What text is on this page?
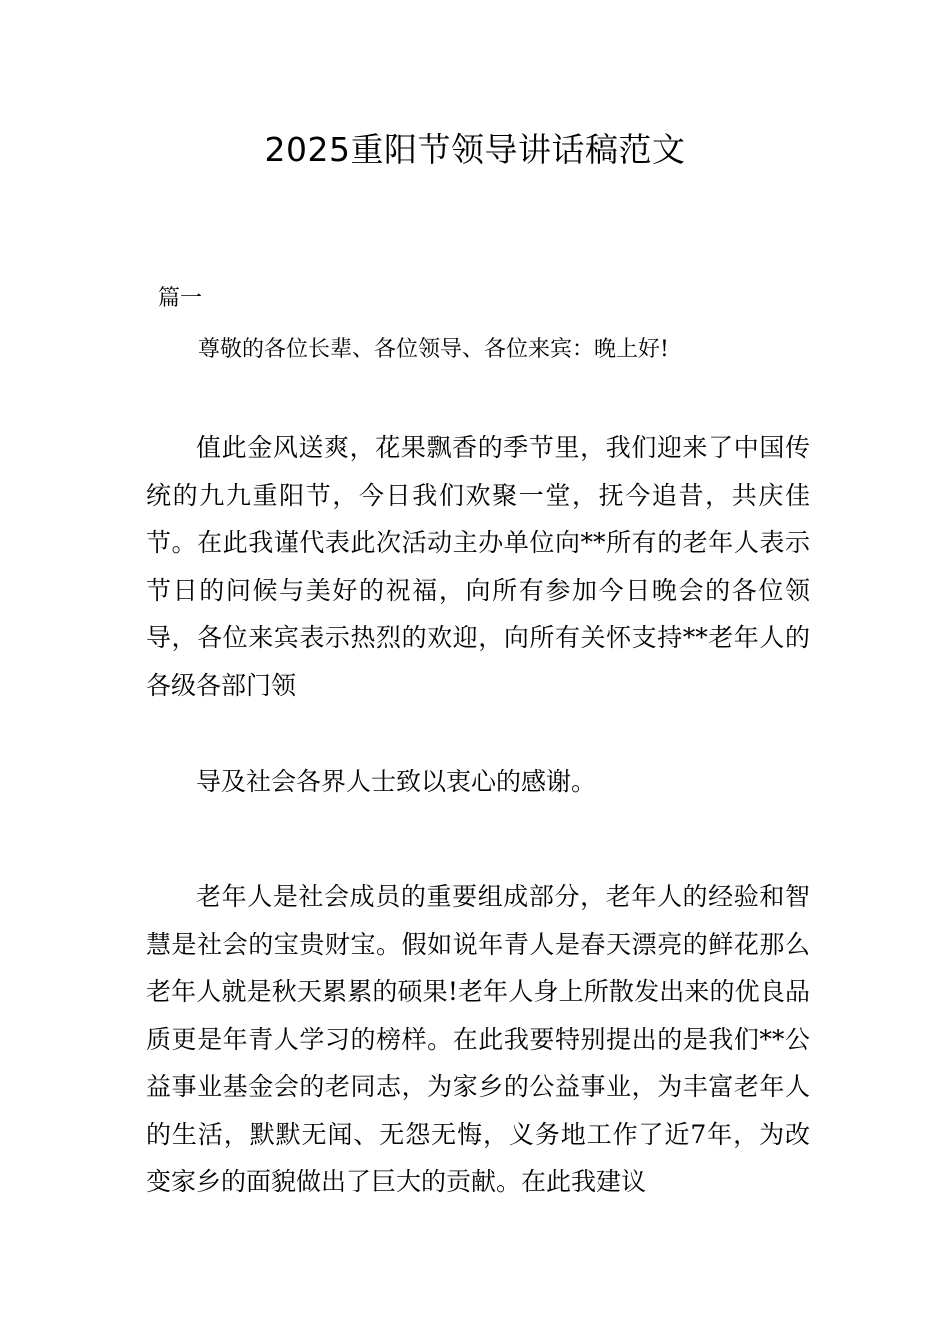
2025重阳节领导讲话稿范文

篇一

尊敬的各位长辈、各位领导、各位来宾：晚上好!

值此金风送爽，花果飘香的季节里，我们迎来了中国传统的九九重阳节，今日我们欢聚一堂，抚今追昔，共庆佳节。在此我谨代表此次活动主办单位向**所有的老年人表示节日的问候与美好的祝福，向所有参加今日晚会的各位领导，各位来宾表示热烈的欢迎，向所有关怀支持**老年人的各级各部门领

导及社会各界人士致以衷心的感谢。

老年人是社会成员的重要组成部分，老年人的经验和智慧是社会的宝贵财宝。假如说年青人是春天漂亮的鲜花那么老年人就是秋天累累的硕果!老年人身上所散发出来的优良品质更是年青人学习的榜样。在此我要特别提出的是我们**公益事业基金会的老同志，为家乡的公益事业，为丰富老年人的生活，默默无闻、无怨无悔，义务地工作了近7年，为改变家乡的面貌做出了巨大的贡献。在此我建议
